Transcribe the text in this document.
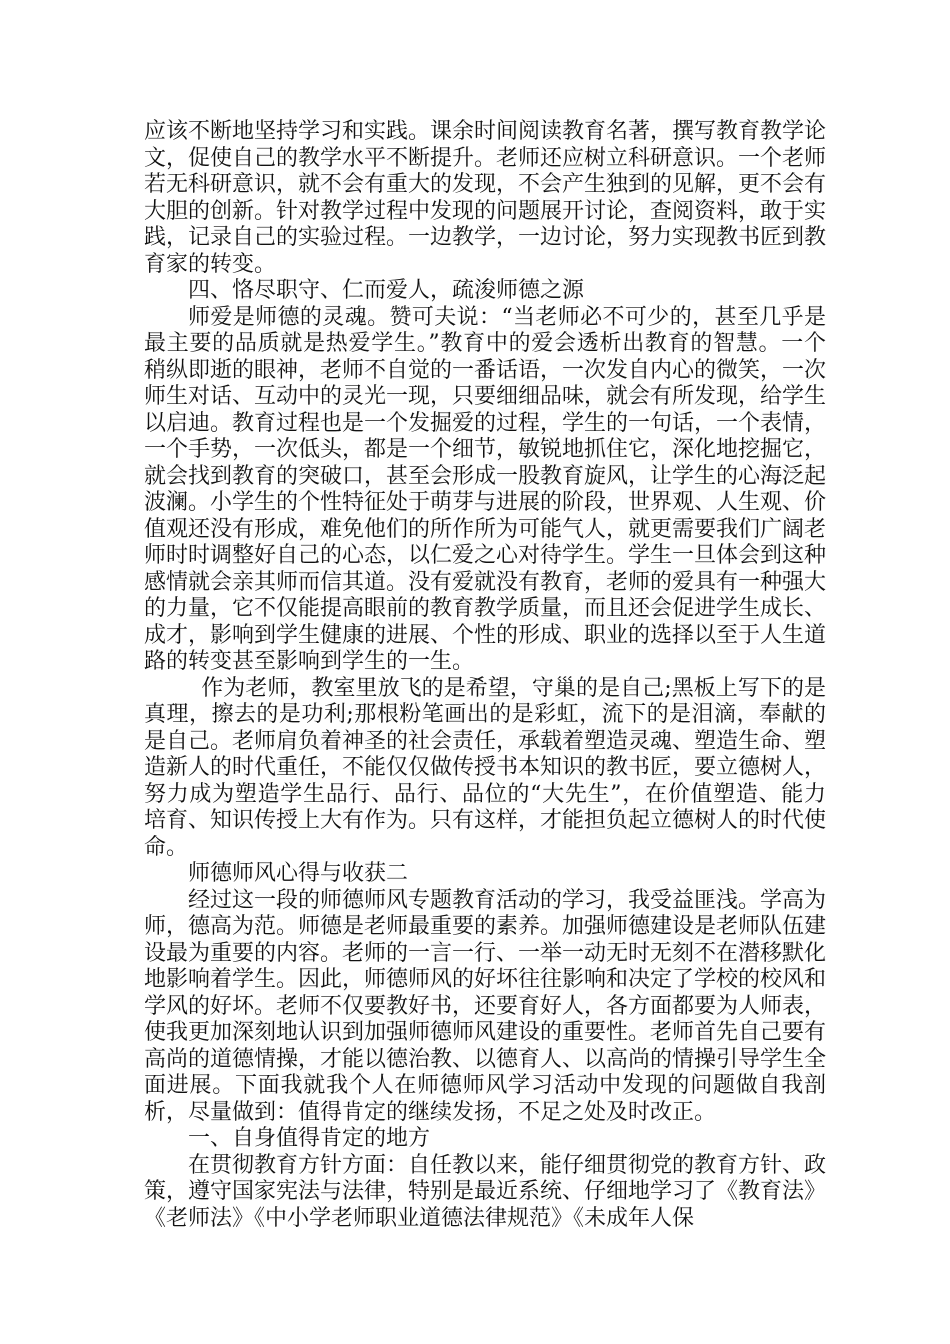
应该不断地坚持学习和实践。课余时间阅读教育名著，撰写教育教学论文，促使自己的教学水平不断提升。老师还应树立科研意识。一个老师若无科研意识，就不会有重大的发现，不会产生独到的见解，更不会有大胆的创新。针对教学过程中发现的问题展开讨论，查阅资料，敢于实践，记录自己的实验过程。一边教学，一边讨论，努力实现教书匠到教育家的转变。

四、恪尽职守、仁而爱人，疏浚师德之源

师爱是师德的灵魂。赞可夫说：“当老师必不可少的，甚至几乎是最主要的品质就是热爱学生。”教育中的爱会透析出教育的智慧。一个稍纵即逝的眼神，老师不自觉的一番话语，一次发自内心的微笑，一次师生对话、互动中的灵光一现，只要细细品味，就会有所发现，给学生以启迪。教育过程也是一个发掘爱的过程，学生的一句话，一个表情，一个手势，一次低头，都是一个细节，敏锐地抓住它，深化地挖掘它，就会找到教育的突破口，甚至会形成一股教育旋风，让学生的心海泛起波澜。小学生的个性特征处于萌芽与进展的阶段，世界观、人生观、价值观还没有形成，难免他们的所作所为可能气人，就更需要我们广阔老师时时调整好自己的心态，以仁爱之心对待学生。学生一旦体会到这种感情就会亲其师而信其道。没有爱就没有教育，老师的爱具有一种强大的力量，它不仅能提高眼前的教育教学质量，而且还会促进学生成长、成才，影响到学生健康的进展、个性的形成、职业的选择以至于人生道路的转变甚至影响到学生的一生。

作为老师，教室里放飞的是希望，守巢的是自己;黑板上写下的是真理，擦去的是功利;那根粉笔画出的是彩虹，流下的是泪滴，奉献的是自己。老师肩负着神圣的社会责任，承载着塑造灵魂、塑造生命、塑造新人的时代重任，不能仅仅做传授书本知识的教书匠，要立德树人，努力成为塑造学生品行、品行、品位的“大先生”，在价值塑造、能力培育、知识传授上大有作为。只有这样，才能担负起立德树人的时代使命。

师德师风心得与收获二

经过这一段的师德师风专题教育活动的学习，我受益匪浅。学高为师，德高为范。师德是老师最重要的素养。加强师德建设是老师队伍建设最为重要的内容。老师的一言一行、一举一动无时无刻不在潜移默化地影响着学生。因此，师德师风的好坏往往影响和决定了学校的校风和学风的好坏。老师不仅要教好书，还要育好人，各方面都要为人师表，使我更加深刻地认识到加强师德师风建设的重要性。老师首先自己要有高尚的道德情操，才能以德治教、以德育人、以高尚的情操引导学生全面进展。下面我就我个人在师德师风学习活动中发现的问题做自我剖析，尽量做到：值得肯定的继续发扬，不足之处及时改正。

一、自身值得肯定的地方

在贯彻教育方针方面：自任教以来，能仔细贯彻党的教育方针、政策，遵守国家宪法与法律，特别是最近系统、仔细地学习了《教育法》《老师法》《中小学老师职业道德法律规范》《未成年人保
